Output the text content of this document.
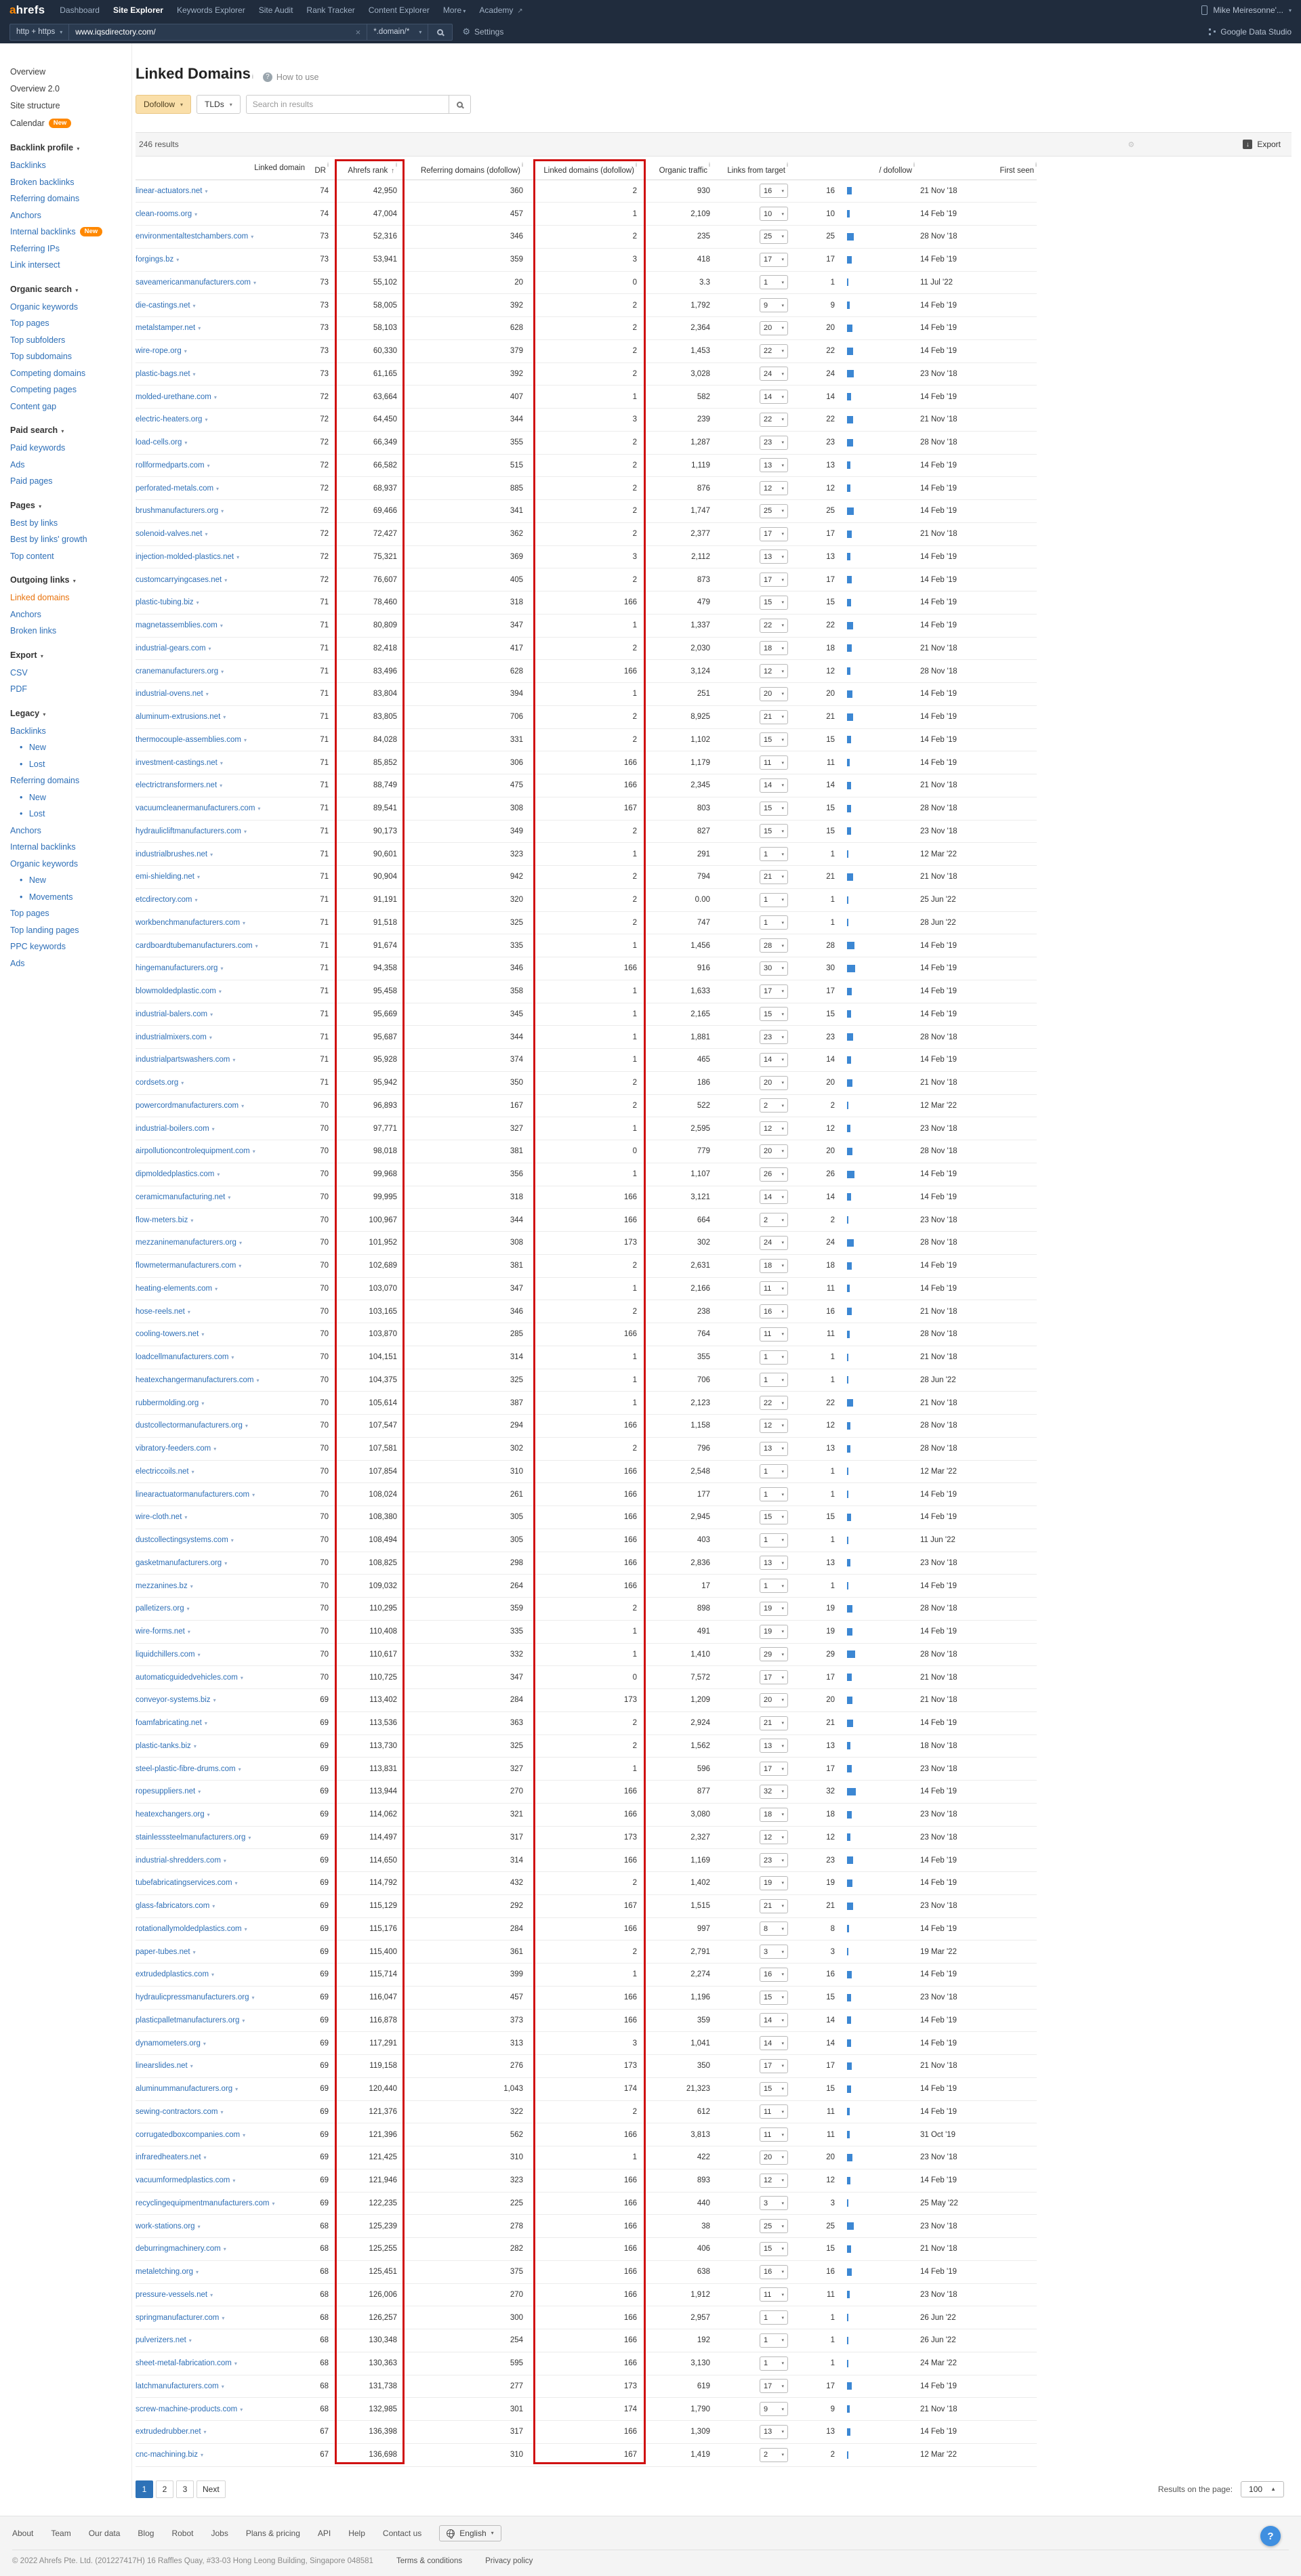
ahrefs Dashboard Site Explorer Keywords Explorer Site Audit Rank Tracker Content Explorer More ▾ Academy ↗	Mike Meiresonne'... ▾
http + https ▾ www.iqsdirectory.com/	× *.domain/* ▾	⚙ Settings	Google Data Studio
Overview
Overview 2.0
Site structure
Calendar New
Backlink profile ▾
Backlinks
Broken backlinks
Referring domains
Anchors
Internal backlinks New
Referring IPs
Link intersect
Organic search ▾
Organic keywords
Top pages
Top subfolders
Top subdomains
Competing domains
Competing pages
Content gap
Paid search ▾
Paid keywords
Ads
Paid pages
Pages ▾
Best by links
Best by links' growth
Top content
Outgoing links ▾
Linked domains
Anchors
Broken links
Export ▾
CSV
PDF
Legacy ▾
Backlinks
• New
• Lost
Referring domains
• New
• Lost
Anchors
Internal backlinks
Organic keywords
• New
• Movements
Top pages
Top landing pages
PPC keywords
Ads
Linked Domains i	? How to use
Dofollow ▾	TLDs ▾
Search in results
246 results	⚙	↓ Export
Linked domain	$DR^i$	Ahrefs rank ↑$^i$	Referring domains (dofollow)$^i$	Linked domains (dofollow)$^i$	Organic traffic$^i$	Links from target$^i$	/ dofollow$^i$	First seen$^i$
linear-actuators.net ▾	74	42,950	360	2	930	16 ▾	16	21 Nov '18
clean-rooms.org ▾	74	47,004	457	1	2,109	10 ▾	10	14 Feb '19
environmentaltestchambers.com ▾	73	52,316	346	2	235	25 ▾	25	28 Nov '18
forgings.bz ▾	73	53,941	359	3	418	17 ▾	17	14 Feb '19
saveamericanmanufacturers.com ▾	73	55,102	20	0	3.3	1 ▾	1	11 Jul '22
die-castings.net ▾	73	58,005	392	2	1,792	9 ▾	9	14 Feb '19
metalstamper.net ▾	73	58,103	628	2	2,364	20 ▾	20	14 Feb '19
wire-rope.org ▾	73	60,330	379	2	1,453	22 ▾	22	14 Feb '19
plastic-bags.net ▾	73	61,165	392	2	3,028	24 ▾	24	23 Nov '18
molded-urethane.com ▾	72	63,664	407	1	582	14 ▾	14	14 Feb '19
electric-heaters.org ▾	72	64,450	344	3	239	22 ▾	22	21 Nov '18
load-cells.org ▾	72	66,349	355	2	1,287	23 ▾	23	28 Nov '18
rollformedparts.com ▾	72	66,582	515	2	1,119	13 ▾	13	14 Feb '19
perforated-metals.com ▾	72	68,937	885	2	876	12 ▾	12	14 Feb '19
brushmanufacturers.org ▾	72	69,466	341	2	1,747	25 ▾	25	14 Feb '19
solenoid-valves.net ▾	72	72,427	362	2	2,377	17 ▾	17	21 Nov '18
injection-molded-plastics.net ▾	72	75,321	369	3	2,112	13 ▾	13	14 Feb '19
customcarryingcases.net ▾	72	76,607	405	2	873	17 ▾	17	14 Feb '19
plastic-tubing.biz ▾	71	78,460	318	166	479	15 ▾	15	14 Feb '19
magnetassemblies.com ▾	71	80,809	347	1	1,337	22 ▾	22	14 Feb '19
industrial-gears.com ▾	71	82,418	417	2	2,030	18 ▾	18	21 Nov '18
cranemanufacturers.org ▾	71	83,496	628	166	3,124	12 ▾	12	28 Nov '18
industrial-ovens.net ▾	71	83,804	394	1	251	20 ▾	20	14 Feb '19
aluminum-extrusions.net ▾	71	83,805	706	2	8,925	21 ▾	21	14 Feb '19
thermocouple-assemblies.com ▾	71	84,028	331	2	1,102	15 ▾	15	14 Feb '19
investment-castings.net ▾	71	85,852	306	166	1,179	11 ▾	11	14 Feb '19
electrictransformers.net ▾	71	88,749	475	166	2,345	14 ▾	14	21 Nov '18
vacuumcleanermanufacturers.com ▾	71	89,541	308	167	803	15 ▾	15	28 Nov '18
hydraulicliftmanufacturers.com ▾	71	90,173	349	2	827	15 ▾	15	23 Nov '18
industrialbrushes.net ▾	71	90,601	323	1	291	1 ▾	1	12 Mar '22
emi-shielding.net ▾	71	90,904	942	2	794	21 ▾	21	21 Nov '18
etcdirectory.com ▾	71	91,191	320	2	0.00	1 ▾	1	25 Jun '22
workbenchmanufacturers.com ▾	71	91,518	325	2	747	1 ▾	1	28 Jun '22
cardboardtubemanufacturers.com ▾	71	91,674	335	1	1,456	28 ▾	28	14 Feb '19
hingemanufacturers.org ▾	71	94,358	346	166	916	30 ▾	30	14 Feb '19
blowmoldedplastic.com ▾	71	95,458	358	1	1,633	17 ▾	17	14 Feb '19
industrial-balers.com ▾	71	95,669	345	1	2,165	15 ▾	15	14 Feb '19
industrialmixers.com ▾	71	95,687	344	1	1,881	23 ▾	23	28 Nov '18
industrialpartswashers.com ▾	71	95,928	374	1	465	14 ▾	14	14 Feb '19
cordsets.org ▾	71	95,942	350	2	186	20 ▾	20	21 Nov '18
powercordmanufacturers.com ▾	70	96,893	167	2	522	2 ▾	2	12 Mar '22
industrial-boilers.com ▾	70	97,771	327	1	2,595	12 ▾	12	23 Nov '18
airpollutioncontrolequipment.com ▾	70	98,018	381	0	779	20 ▾	20	28 Nov '18
dipmoldedplastics.com ▾	70	99,968	356	1	1,107	26 ▾	26	14 Feb '19
ceramicmanufacturing.net ▾	70	99,995	318	166	3,121	14 ▾	14	14 Feb '19
flow-meters.biz ▾	70	100,967	344	166	664	2 ▾	2	23 Nov '18
mezzaninemanufacturers.org ▾	70	101,952	308	173	302	24 ▾	24	28 Nov '18
flowmetermanufacturers.com ▾	70	102,689	381	2	2,631	18 ▾	18	14 Feb '19
heating-elements.com ▾	70	103,070	347	1	2,166	11 ▾	11	14 Feb '19
hose-reels.net ▾	70	103,165	346	2	238	16 ▾	16	21 Nov '18
cooling-towers.net ▾	70	103,870	285	166	764	11 ▾	11	28 Nov '18
loadcellmanufacturers.com ▾	70	104,151	314	1	355	1 ▾	1	21 Nov '18
heatexchangermanufacturers.com ▾	70	104,375	325	1	706	1 ▾	1	28 Jun '22
rubbermolding.org ▾	70	105,614	387	1	2,123	22 ▾	22	21 Nov '18
dustcollectormanufacturers.org ▾	70	107,547	294	166	1,158	12 ▾	12	28 Nov '18
vibratory-feeders.com ▾	70	107,581	302	2	796	13 ▾	13	28 Nov '18
electriccoils.net ▾	70	107,854	310	166	2,548	1 ▾	1	12 Mar '22
linearactuatormanufacturers.com ▾	70	108,024	261	166	177	1 ▾	1	14 Feb '19
wire-cloth.net ▾	70	108,380	305	166	2,945	15 ▾	15	14 Feb '19
dustcollectingsystems.com ▾	70	108,494	305	166	403	1 ▾	1	11 Jun '22
gasketmanufacturers.org ▾	70	108,825	298	166	2,836	13 ▾	13	23 Nov '18
mezzanines.bz ▾	70	109,032	264	166	17	1 ▾	1	14 Feb '19
palletizers.org ▾	70	110,295	359	2	898	19 ▾	19	28 Nov '18
wire-forms.net ▾	70	110,408	335	1	491	19 ▾	19	14 Feb '19
liquidchillers.com ▾	70	110,617	332	1	1,410	29 ▾	29	28 Nov '18
automaticguidedvehicles.com ▾	70	110,725	347	0	7,572	17 ▾	17	21 Nov '18
conveyor-systems.biz ▾	69	113,402	284	173	1,209	20 ▾	20	21 Nov '18
foamfabricating.net ▾	69	113,536	363	2	2,924	21 ▾	21	14 Feb '19
plastic-tanks.biz ▾	69	113,730	325	2	1,562	13 ▾	13	18 Nov '18
steel-plastic-fibre-drums.com ▾	69	113,831	327	1	596	17 ▾	17	23 Nov '18
ropesuppliers.net ▾	69	113,944	270	166	877	32 ▾	32	14 Feb '19
heatexchangers.org ▾	69	114,062	321	166	3,080	18 ▾	18	23 Nov '18
stainlesssteelmanufacturers.org ▾	69	114,497	317	173	2,327	12 ▾	12	23 Nov '18
industrial-shredders.com ▾	69	114,650	314	166	1,169	23 ▾	23	14 Feb '19
tubefabricatingservices.com ▾	69	114,792	432	2	1,402	19 ▾	19	14 Feb '19
glass-fabricators.com ▾	69	115,129	292	167	1,515	21 ▾	21	23 Nov '18
rotationallymoldedplastics.com ▾	69	115,176	284	166	997	8 ▾	8	14 Feb '19
paper-tubes.net ▾	69	115,400	361	2	2,791	3 ▾	3	19 Mar '22
extrudedplastics.com ▾	69	115,714	399	1	2,274	16 ▾	16	14 Feb '19
hydraulicpressmanufacturers.org ▾	69	116,047	457	166	1,196	15 ▾	15	23 Nov '18
plasticpalletmanufacturers.org ▾	69	116,878	373	166	359	14 ▾	14	14 Feb '19
dynamometers.org ▾	69	117,291	313	3	1,041	14 ▾	14	14 Feb '19
linearslides.net ▾	69	119,158	276	173	350	17 ▾	17	21 Nov '18
aluminummanufacturers.org ▾	69	120,440	1,043	174	21,323	15 ▾	15	14 Feb '19
sewing-contractors.com ▾	69	121,376	322	2	612	11 ▾	11	14 Feb '19
corrugatedboxcompanies.com ▾	69	121,396	562	166	3,813	11 ▾	11	31 Oct '19
infraredheaters.net ▾	69	121,425	310	1	422	20 ▾	20	23 Nov '18
vacuumformedplastics.com ▾	69	121,946	323	166	893	12 ▾	12	14 Feb '19
recyclingequipmentmanufacturers.com ▾	69	122,235	225	166	440	3 ▾	3	25 May '22
work-stations.org ▾	68	125,239	278	166	38	25 ▾	25	23 Nov '18
deburringmachinery.com ▾	68	125,255	282	166	406	15 ▾	15	21 Nov '18
metaletching.org ▾	68	125,451	375	166	638	16 ▾	16	14 Feb '19
pressure-vessels.net ▾	68	126,006	270	166	1,912	11 ▾	11	23 Nov '18
springmanufacturer.com ▾	68	126,257	300	166	2,957	1 ▾	1	26 Jun '22
pulverizers.net ▾	68	130,348	254	166	192	1 ▾	1	26 Jun '22
sheet-metal-fabrication.com ▾	68	130,363	595	166	3,130	1 ▾	1	24 Mar '22
latchmanufacturers.com ▾	68	131,738	277	173	619	17 ▾	17	14 Feb '19
screw-machine-products.com ▾	68	132,985	301	174	1,790	9 ▾	9	21 Nov '18
extrudedrubber.net ▾	67	136,398	317	166	1,309	13 ▾	13	14 Feb '19
cnc-machining.biz ▾	67	136,698	310	167	1,419	2 ▾	2	12 Mar '22
1 2 3	Next	Results on the page: 100 ▲
About Team Our data Blog Robot Jobs Plans & pricing API Help Contact us	English ▾
© 2022 Ahrefs Pte. Ltd. (201227417H) 16 Raffles Quay, #33-03 Hong Leong Building, Singapore 048581	Terms & conditions	Privacy policy
?
